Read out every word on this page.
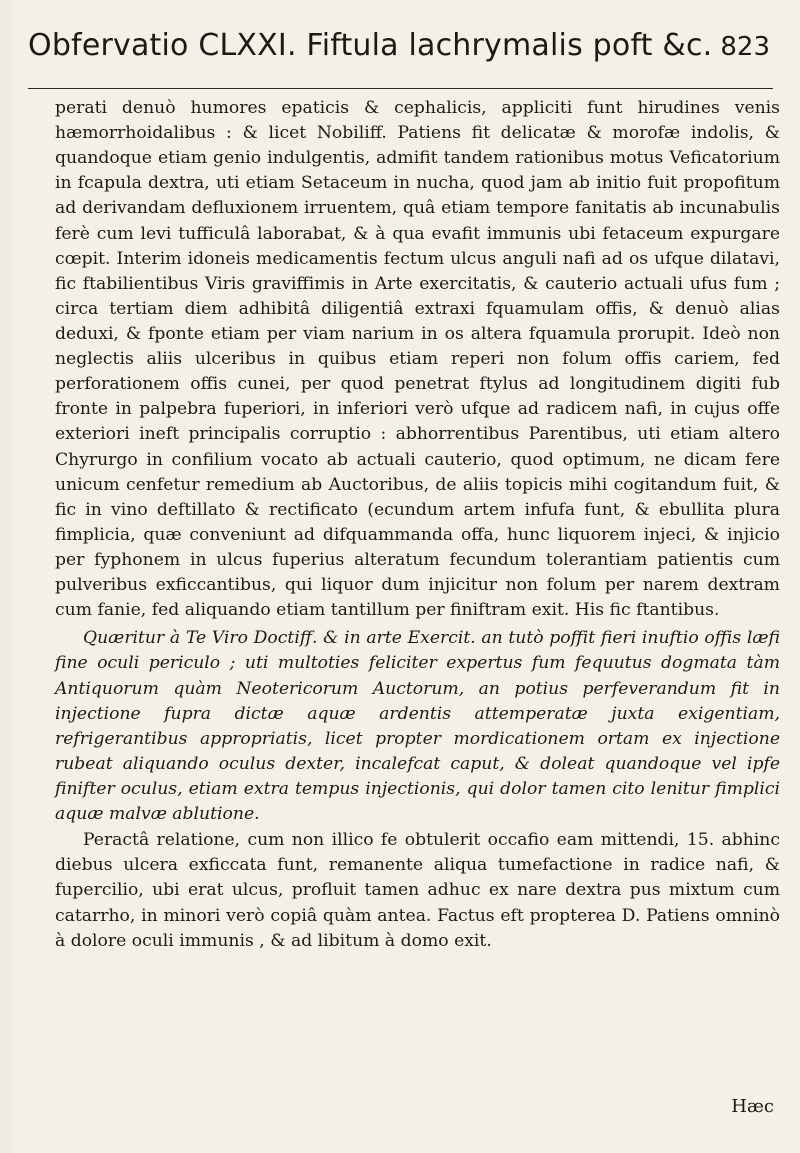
Obfervatio CLXXI. Fiftula lachrymalis poft &c. 823

perati denuò humores epaticis & cephalicis, appliciti funt hirudines venis hæmorrhoidalibus : & licet Nobiliff. Patiens fit delicatæ & morofæ indolis, & quandoque etiam genio indulgentis, admifit tandem rationibus motus Veficatorium in fcapula dextra, uti etiam Setaceum in nucha, quod jam ab initio fuit propofitum ad derivandam defluxionem irruentem, quâ etiam tempore fanitatis ab incunabulis ferè cum levi tufficulâ laborabat, & à qua evafit immunis ubi fetaceum expurgare cœpit. Interim idoneis medicamentis fectum ulcus anguli nafi ad os ufque dilatavi, fic ftabilientibus Viris graviffimis in Arte exercitatis, & cauterio actuali ufus fum ; circa tertiam diem adhibitâ diligentiâ extraxi fquamulam offis, & denuò alias deduxi, & fponte etiam per viam narium in os altera fquamula prorupit. Ideò non neglectis aliis ulceribus in quibus etiam reperi non folum offis cariem, fed perforationem offis cunei, per quod penetrat ftylus ad longitudinem digiti fub fronte in palpebra fuperiori, in inferiori verò ufque ad radicem nafi, in cujus offe exteriori ineft principalis corruptio : abhorrentibus Parentibus, uti etiam altero Chyrurgo in confilium vocato ab actuali cauterio, quod optimum, ne dicam fere unicum cenfetur remedium ab Auctoribus, de aliis topicis mihi cogitandum fuit, & fic in vino deftillato & rectificato (ecundum artem infufa funt, & ebullita plura fimplicia, quæ conveniunt ad difquammanda offa, hunc liquorem injeci, & injicio per fyphonem in ulcus fuperius alteratum fecundum tolerantiam patientis cum pulveribus exficcantibus, qui liquor dum injicitur non folum per narem dextram cum fanie, fed aliquando etiam tantillum per finiftram exit. His fic ftantibus.

Quæritur à Te Viro Doctiff. & in arte Exercit. an tutò poffit fieri inuftio offis læfi fine oculi periculo ; uti multoties feliciter expertus fum fequutus dogmata tàm Antiquorum quàm Neotericorum Auctorum, an potius perfeverandum fit in injectione fupra dictæ aquæ ardentis attemperatæ juxta exigentiam, refrigerantibus appropriatis, licet propter mordicationem ortam ex injectione rubeat aliquando oculus dexter, incalefcat caput, & doleat quandoque vel ipfe finifter oculus, etiam extra tempus injectionis, qui dolor tamen cito lenitur fimplici aquæ malvæ ablutione.

Peractâ relatione, cum non illico fe obtulerit occafio eam mittendi, 15. abhinc diebus ulcera exficcata funt, remanente aliqua tumefactione in radice nafi, & fupercilio, ubi erat ulcus, profluit tamen adhuc ex nare dextra pus mixtum cum catarrho, in minori verò copiâ quàm antea. Factus eft propterea D. Patiens omninò à dolore oculi immunis , & ad libitum à domo exit.

Hæc
